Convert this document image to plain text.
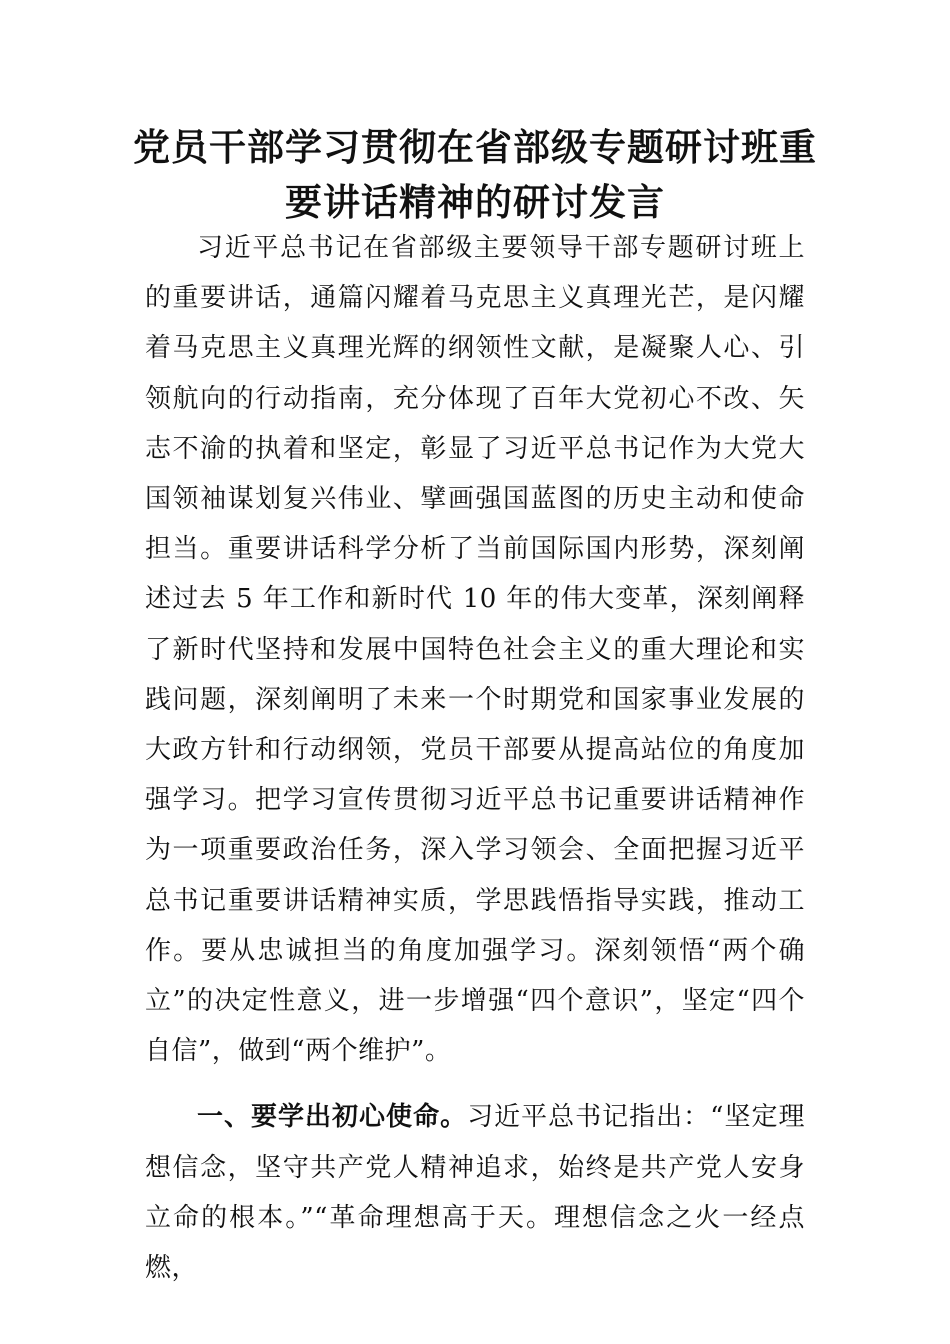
党员干部学习贯彻在省部级专题研讨班重
要讲话精神的研讨发言

习近平总书记在省部级主要领导干部专题研讨班上的重要讲话，通篇闪耀着马克思主义真理光芒，是闪耀着马克思主义真理光辉的纲领性文献，是凝聚人心、引领航向的行动指南，充分体现了百年大党初心不改、矢志不渝的执着和坚定，彰显了习近平总书记作为大党大国领袖谋划复兴伟业、擘画强国蓝图的历史主动和使命担当。重要讲话科学分析了当前国际国内形势，深刻阐述过去 5 年工作和新时代 10 年的伟大变革，深刻阐释了新时代坚持和发展中国特色社会主义的重大理论和实践问题，深刻阐明了未来一个时期党和国家事业发展的大政方针和行动纲领，党员干部要从提高站位的角度加强学习。把学习宣传贯彻习近平总书记重要讲话精神作为一项重要政治任务，深入学习领会、全面把握习近平总书记重要讲话精神实质，学思践悟指导实践，推动工作。要从忠诚担当的角度加强学习。深刻领悟“两个确立”的决定性意义，进一步增强“四个意识”，坚定“四个自信”，做到“两个维护”。

一、要学出初心使命。习近平总书记指出：“坚定理想信念，坚守共产党人精神追求，始终是共产党人安身立命的根本。”“革命理想高于天。理想信念之火一经点燃，
